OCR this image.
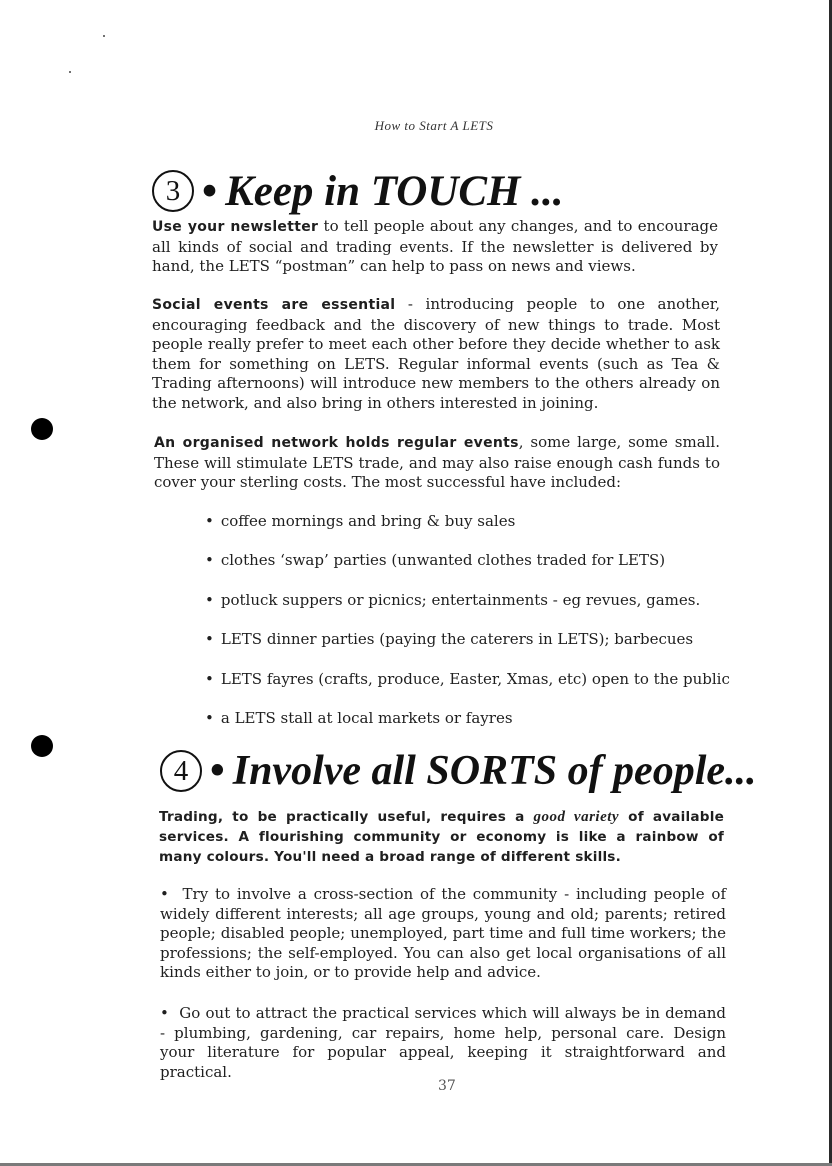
How to Start A LETS
3 • Keep in TOUCH ...

Use your newsletter to tell people about any changes, and to encourage all kinds of social and trading events. If the newsletter is delivered by hand, the LETS “postman” can help to pass on news and views.

Social events are essential - introducing people to one another, encouraging feedback and the discovery of new things to trade. Most people really prefer to meet each other before they decide whether to ask them for something on LETS. Regular informal events (such as Tea & Trading afternoons) will introduce new members to the others already on the network, and also bring in others interested in joining.

An organised network holds regular events, some large, some small. These will stimulate LETS trade, and may also raise enough cash funds to cover your sterling costs. The most successful have included:

• coffee mornings and bring & buy sales
• clothes ‘swap’ parties (unwanted clothes traded for LETS)
• potluck suppers or picnics; entertainments - eg revues, games.
• LETS dinner parties (paying the caterers in LETS); barbecues
• LETS fayres (crafts, produce, Easter, Xmas, etc) open to the public
• a LETS stall at local markets or fayres
4 • Involve all SORTS of people...

Trading, to be practically useful, requires a good variety of available services. A flourishing community or economy is like a rainbow of many colours. You'll need a broad range of different skills.

•  Try to involve a cross-section of the community - including people of widely different interests; all age groups, young and old; parents; retired people; disabled people; unemployed, part time and full time workers; the professions; the self-employed. You can also get local organisations of all kinds either to join, or to provide help and advice.

•  Go out to attract the practical services which will always be in demand - plumbing, gardening, car repairs, home help, personal care. Design your literature for popular appeal, keeping it straightforward and practical.

37
